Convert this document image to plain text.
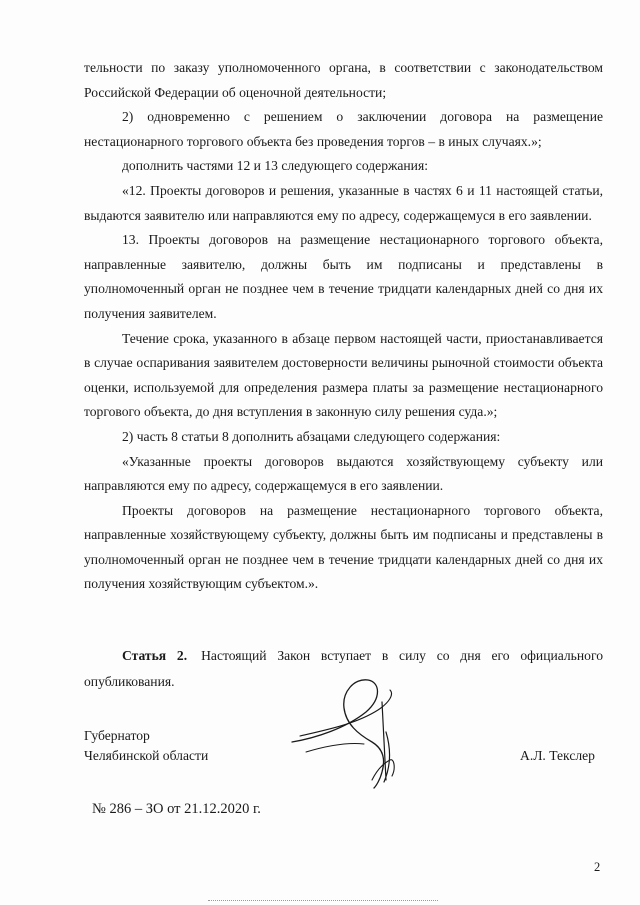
тельности по заказу уполномоченного органа, в соответствии с законодательством Российской Федерации об оценочной деятельности;

2) одновременно с решением о заключении договора на размещение нестационарного торгового объекта без проведения торгов – в иных случаях.»;

дополнить частями 12 и 13 следующего содержания:

«12. Проекты договоров и решения, указанные в частях 6 и 11 настоящей статьи, выдаются заявителю или направляются ему по адресу, содержащемуся в его заявлении.

13. Проекты договоров на размещение нестационарного торгового объекта, направленные заявителю, должны быть им подписаны и представлены в уполномоченный орган не позднее чем в течение тридцати календарных дней со дня их получения заявителем.

Течение срока, указанного в абзаце первом настоящей части, приостанавливается в случае оспаривания заявителем достоверности величины рыночной стоимости объекта оценки, используемой для определения размера платы за размещение нестационарного торгового объекта, до дня вступления в законную силу решения суда.»;

2) часть 8 статьи 8 дополнить абзацами следующего содержания:

«Указанные проекты договоров выдаются хозяйствующему субъекту или направляются ему по адресу, содержащемуся в его заявлении.

Проекты договоров на размещение нестационарного торгового объекта, направленные хозяйствующему субъекту, должны быть им подписаны и представлены в уполномоченный орган не позднее чем в течение тридцати календарных дней со дня их получения хозяйствующим субъектом.».

Статья 2. Настоящий Закон вступает в силу со дня его официального опубликования.
Губернатор
Челябинской области	А.Л. Текслер
№ 286 – ЗО от 21.12.2020 г.
2
